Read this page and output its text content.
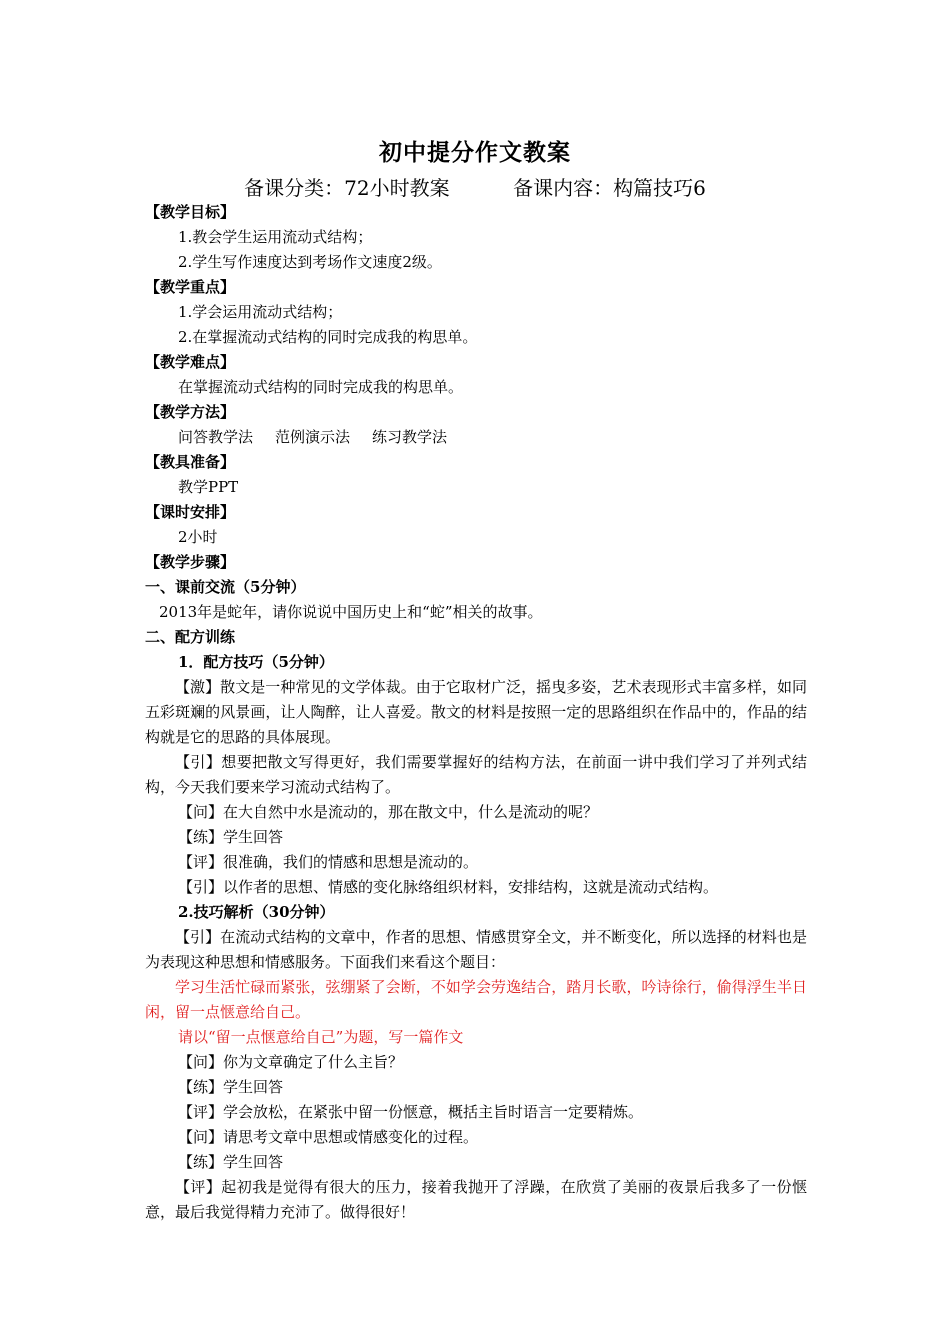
初中提分作文教案
备课分类：72小时教案          备课内容：构篇技巧6
【教学目标】
1.教会学生运用流动式结构；
2.学生写作速度达到考场作文速度2级。
【教学重点】
1.学会运用流动式结构；
2.在掌握流动式结构的同时完成我的构思单。
【教学难点】
在掌握流动式结构的同时完成我的构思单。
【教学方法】
问答教学法 范例演示法 练习教学法
【教具准备】
教学PPT
【课时安排】
2小时
【教学步骤】
一、课前交流（5分钟）
2013年是蛇年，请你说说中国历史上和“蛇”相关的故事。
二、配方训练
1．配方技巧（5分钟）
【激】散文是一种常见的文学体裁。由于它取材广泛，摇曳多姿，艺术表现形式丰富多样，如同五彩斑斓的风景画，让人陶醉，让人喜爱。散文的材料是按照一定的思路组织在作品中的，作品的结构就是它的思路的具体展现。
【引】想要把散文写得更好，我们需要掌握好的结构方法，在前面一讲中我们学习了并列式结构，今天我们要来学习流动式结构了。
【问】在大自然中水是流动的，那在散文中，什么是流动的呢？
【练】学生回答
【评】很准确，我们的情感和思想是流动的。
【引】以作者的思想、情感的变化脉络组织材料，安排结构，这就是流动式结构。
2.技巧解析（30分钟）
【引】在流动式结构的文章中，作者的思想、情感贯穿全文，并不断变化，所以选择的材料也是为表现这种思想和情感服务。下面我们来看这个题目：
学习生活忙碌而紧张，弦绷紧了会断，不如学会劳逸结合，踏月长歌，吟诗徐行，偷得浮生半日闲，留一点惬意给自己。
请以“留一点惬意给自己”为题，写一篇作文
【问】你为文章确定了什么主旨？
【练】学生回答
【评】学会放松，在紧张中留一份惬意，概括主旨时语言一定要精炼。
【问】请思考文章中思想或情感变化的过程。
【练】学生回答
【评】起初我是觉得有很大的压力，接着我抛开了浮躁，在欣赏了美丽的夜景后我多了一份惬意，最后我觉得精力充沛了。做得很好！
